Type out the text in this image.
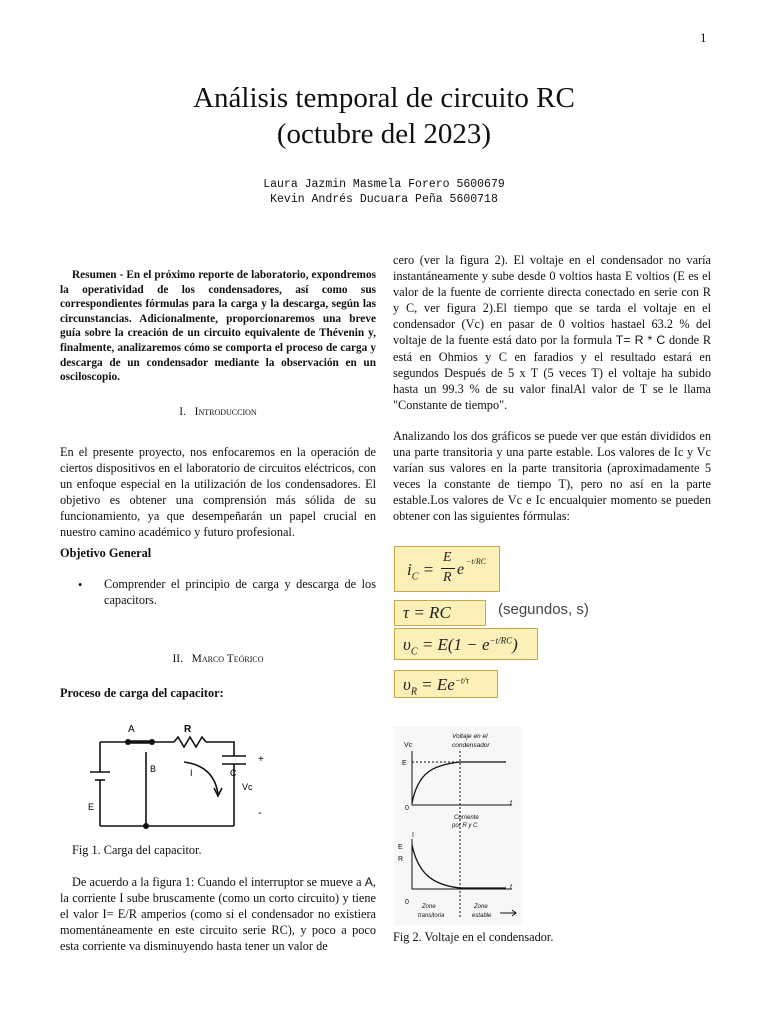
1
Análisis temporal de circuito RC
(octubre del 2023)
Laura Jazmin Masmela Forero 5600679
Kevin Andrés Ducuara Peña 5600718
Resumen - En el próximo reporte de laboratorio, expondremos la operatividad de los condensadores, así como sus correspondientes fórmulas para la carga y la descarga, según las circunstancias. Adicionalmente, proporcionaremos una breve guía sobre la creación de un circuito equivalente de Thévenin y, finalmente, analizaremos cómo se comporta el proceso de carga y descarga de un condensador mediante la observación en un osciloscopio.
I. Introduccion
En el presente proyecto, nos enfocaremos en la operación de ciertos dispositivos en el laboratorio de circuitos eléctricos, con un enfoque especial en la utilización de los condensadores. El objetivo es obtener una comprensión más sólida de su funcionamiento, ya que desempeñarán un papel crucial en nuestro camino académico y futuro profesional.
Objetivo General
• Comprender el principio de carga y descarga de los capacitors.
II. Marco Teórico
Proceso de carga del capacitor:
A	R
B	I	C
Vc
E
+
-
Fig 1. Carga del capacitor.
De acuerdo a la figura 1: Cuando el interruptor se mueve a A, la corriente I sube bruscamente (como un corto circuito) y tiene el valor I= E/R amperios (como si el condensador no existiera momentáneamente en este circuito serie RC), y poco a poco esta corriente va disminuyendo hasta tener un valor de
cero (ver la figura 2). El voltaje en el condensador no varía instantáneamente y sube desde 0 voltios hasta E voltios (E es el valor de la fuente de corriente directa conectado en serie con R y C, ver figura 2).El tiempo que se tarda el voltaje en el condensador (Vc) en pasar de 0 voltios hastael 63.2 % del voltaje de la fuente está dato por la formula T= R * C donde R está en Ohmios y C en faradios y el resultado estará en segundos Después de 5 x T (5 veces T) el voltaje ha subido hasta un 99.3 % de su valor finalAl valor de T se le llama "Constante de tiempo".
Analizando los dos gráficos se puede ver que están divididos en una parte transitoria y una parte estable. Los valores de Ic y Vc varían sus valores en la parte transitoria (aproximadamente 5 veces la constante de tiempo T), pero no así en la parte estable.Los valores de Vc e Ic encualquier momento se pueden obtener con las siguientes fórmulas:
$i_C$ =
E
R e −t/RC
τ = RC	(segundos, s)
$\upsilon_C = E(1 - e^{-t/RC})$
$\upsilon_R = Ee^{-t/\tau}$
Vc
Voltaje en el
condensador
E
0
t
Corriente
por R y C
I
E
R
0
t
Zone
transitoria
Zone
estable
Fig 2. Voltaje en el condensador.
